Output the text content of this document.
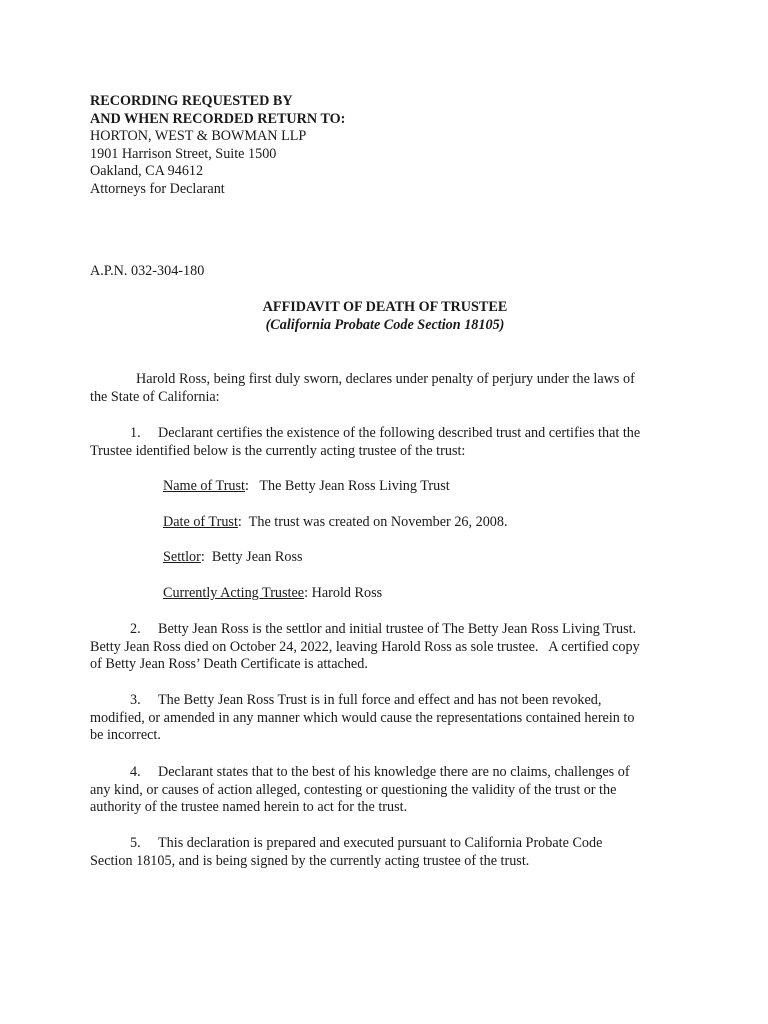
RECORDING REQUESTED BY
AND WHEN RECORDED RETURN TO:
HORTON, WEST & BOWMAN LLP
1901 Harrison Street, Suite 1500
Oakland, CA 94612
Attorneys for Declarant
A.P.N. 032-304-180
AFFIDAVIT OF DEATH OF TRUSTEE
(California Probate Code Section 18105)
Harold Ross, being first duly sworn, declares under penalty of perjury under the laws of
the State of California:
1. Declarant certifies the existence of the following described trust and certifies that the
Trustee identified below is the currently acting trustee of the trust:
Name of Trust:   The Betty Jean Ross Living Trust
Date of Trust:  The trust was created on November 26, 2008.
Settlor:  Betty Jean Ross
Currently Acting Trustee: Harold Ross
2. Betty Jean Ross is the settlor and initial trustee of The Betty Jean Ross Living Trust.
Betty Jean Ross died on October 24, 2022, leaving Harold Ross as sole trustee.   A certified copy
of Betty Jean Ross’ Death Certificate is attached.
3. The Betty Jean Ross Trust is in full force and effect and has not been revoked,
modified, or amended in any manner which would cause the representations contained herein to
be incorrect.
4. Declarant states that to the best of his knowledge there are no claims, challenges of
any kind, or causes of action alleged, contesting or questioning the validity of the trust or the
authority of the trustee named herein to act for the trust.
5. This declaration is prepared and executed pursuant to California Probate Code
Section 18105, and is being signed by the currently acting trustee of the trust.
